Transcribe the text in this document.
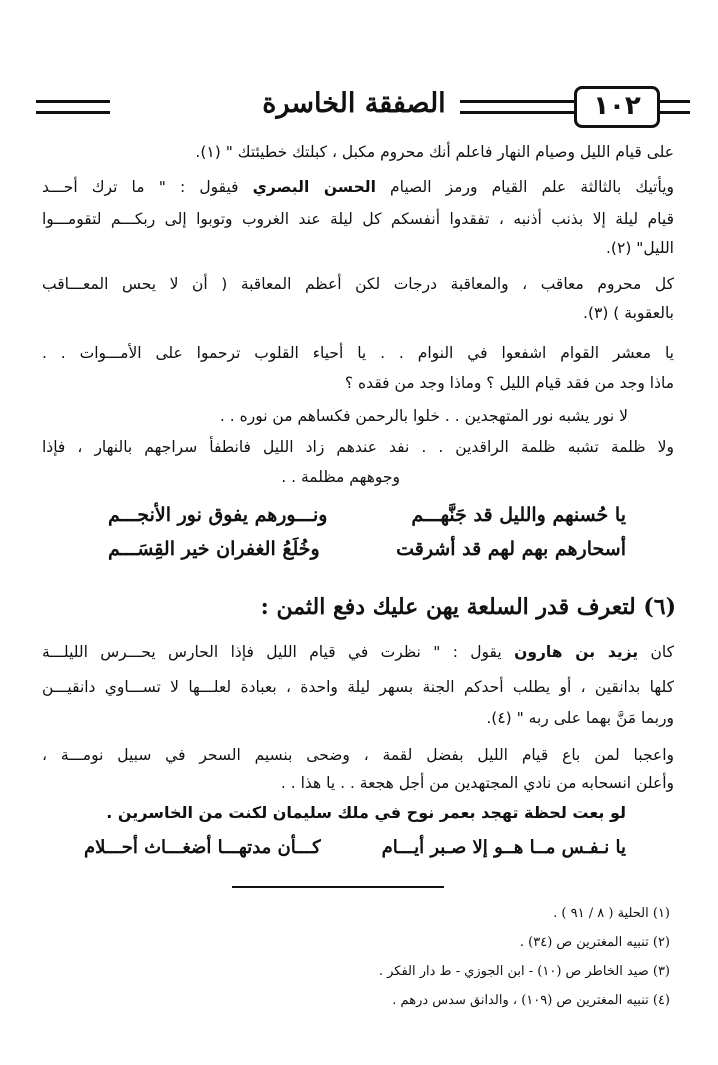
١٠٢
الصفقة الخاسرة
على قيام الليل وصيام النهار فاعلم أنك محروم مكبل ، كبلتك خطيئتك " (١).
ويأتيك بالثالثة علم القيام ورمز الصيام الحسن البصري فيقول : " ما ترك أحـــد
قيام ليلة إلا بذنب أذنبه ، تفقدوا أنفسكم كل ليلة عند الغروب وتوبوا إلى ربكـــم لتقومـــوا
الليل" (٢).
كل محروم معاقب ، والمعاقبة درجات لكن أعظم المعاقبة ( أن لا يحس المعـــاقب
بالعقوبة ) (٣).
يا معشر القوام اشفعوا في النوام . . يا أحياء القلوب ترحموا على الأمـــوات . .
ماذا وجد من فقد قيام الليل ؟ وماذا وجد من فقده ؟
لا نور يشبه نور المتهجدين . . خلوا بالرحمن فكساهم من نوره . .
ولا ظلمة تشبه ظلمة الراقدين . . نفد عندهم زاد الليل فانطفأ سراجهم بالنهار ، فإذا
وجوههم مظلمة . .
يا حُسنهم والليل قد جَنَّهـــم
ونـــورهم يفوق نور الأنجـــم
أسحارهم بهم لهم قد أشرقت
وخُلَعُ الغفران خير القِسَـــم
(٦) لتعرف قدر السلعة يهن عليك دفع الثمن :
كان يزيد بن هارون يقول : " نظرت في قيام الليل فإذا الحارس يحـــرس الليلـــة
كلها بدانقين ، أو يطلب أحدكم الجنة بسهر ليلة واحدة ، بعبادة لعلـــها لا تســـاوي دانقيـــن
وربما مَنَّ بهما على ربه " (٤).
واعجبا لمن باع قيام الليل بفضل لقمة ، وضحى بنسيم السحر في سبيل نومـــة ،
وأعلن انسحابه من نادي المجتهدين من أجل هجعة . . يا هذا . .
لو بعت لحظة تهجد بعمر نوح في ملك سليمان لكنت من الخاسرين .
يا نـفـس مــا هــو إلا صـبر أيـــام
كـــأن مدتهـــا أضغـــاث أحـــلام
(١) الحلية ( ٨ / ٩١ ) .
(٢) تنبيه المغترين ص (٣٤) .
(٣) صيد الخاطر ص (١٠) - ابن الجوزي - ط دار الفكر .
(٤) تنبيه المغترين ص (١٠٩) ، والدانق سدس درهم .
